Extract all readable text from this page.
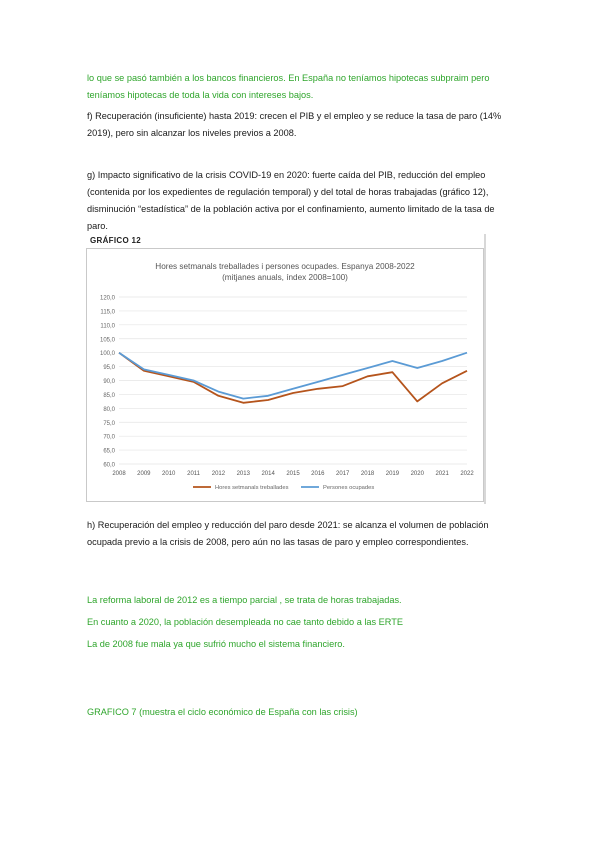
lo que se pasó también a los bancos financieros. En España no teníamos hipotecas subpraim pero teníamos hipotecas de toda la vida con intereses bajos.

f) Recuperación (insuficiente) hasta 2019: crecen el PIB y el empleo y se reduce la tasa de paro (14% 2019), pero sin alcanzar los niveles previos a 2008.

g) Impacto significativo de la crisis COVID-19 en 2020: fuerte caída del PIB, reducción del empleo (contenida por los expedientes de regulación temporal) y del total de horas trabajadas (gráfico 12), disminución “estadística” de la población activa por el confinamiento, aumento limitado de la tasa de paro.

GRÁFICO 12
Hores setmanals treballades i persones ocupades. Espanya 2008-2022
(mitjanes anuals, índex 2008=100)
120,0
115,0
110,0
105,0
100,0
95,0
90,0
85,0
80,0
75,0
70,0
65,0
60,0
2008 2009 2010 2011 2012 2013 2014 2015 2016 2017 2018 2019 2020 2021 2022
Hores setmanals treballades	Persones ocupades

h) Recuperación del empleo y reducción del paro desde 2021: se alcanza el volumen de población ocupada previo a la crisis de 2008, pero aún no las tasas de paro y empleo correspondientes.

La reforma laboral de 2012 es a tiempo parcial , se trata de horas trabajadas.

En cuanto a 2020, la población desempleada no cae tanto debido a las ERTE

La de 2008 fue mala ya que sufrió mucho el sistema financiero.

GRAFICO 7 (muestra el ciclo económico de España con las crisis)
